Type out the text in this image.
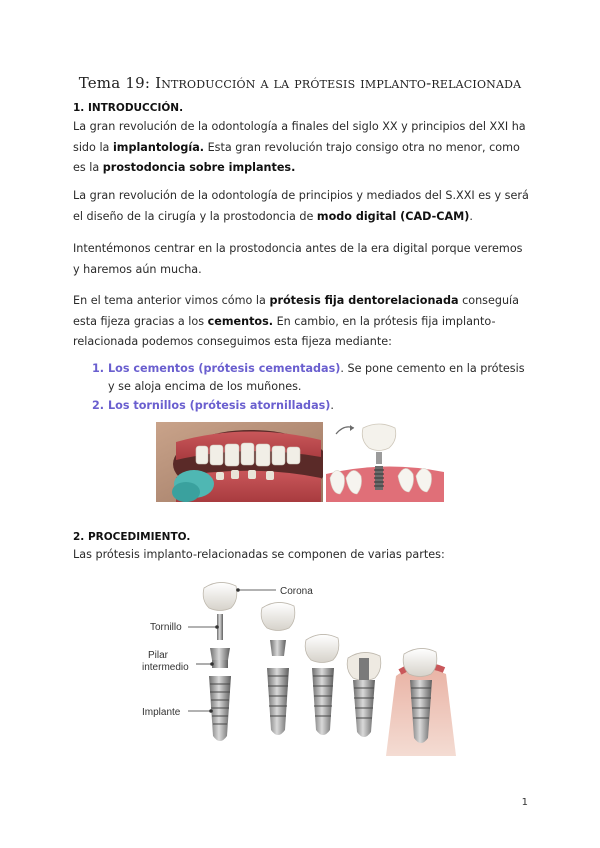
Tema 19: Introducción a la prótesis implanto-relacionada
1. INTRODUCCIÓN.
La gran revolución de la odontología a finales del siglo XX y principios del XXI ha sido la implantología. Esta gran revolución trajo consigo otra no menor, como es la prostodoncia sobre implantes.
La gran revolución de la odontología de principios y mediados del S.XXI es y será el diseño de la cirugía y la prostodoncia de modo digital (CAD-CAM).
Intentémonos centrar en la prostodoncia antes de la era digital porque veremos y haremos aún mucha.
En el tema anterior vimos cómo la prótesis fija dentorelacionada conseguía esta fijeza gracias a los cementos. En cambio, en la prótesis fija implanto-relacionada podemos conseguimos esta fijeza mediante:
1. Los cementos (prótesis cementadas). Se pone cemento en la prótesis y se aloja encima de los muñones.
2. Los tornillos (prótesis atornilladas).
2. PROCEDIMIENTO.
Las prótesis implanto-relacionadas se componen de varias partes:
Corona
Tornillo
Pilar
intermedio
Implante
1
